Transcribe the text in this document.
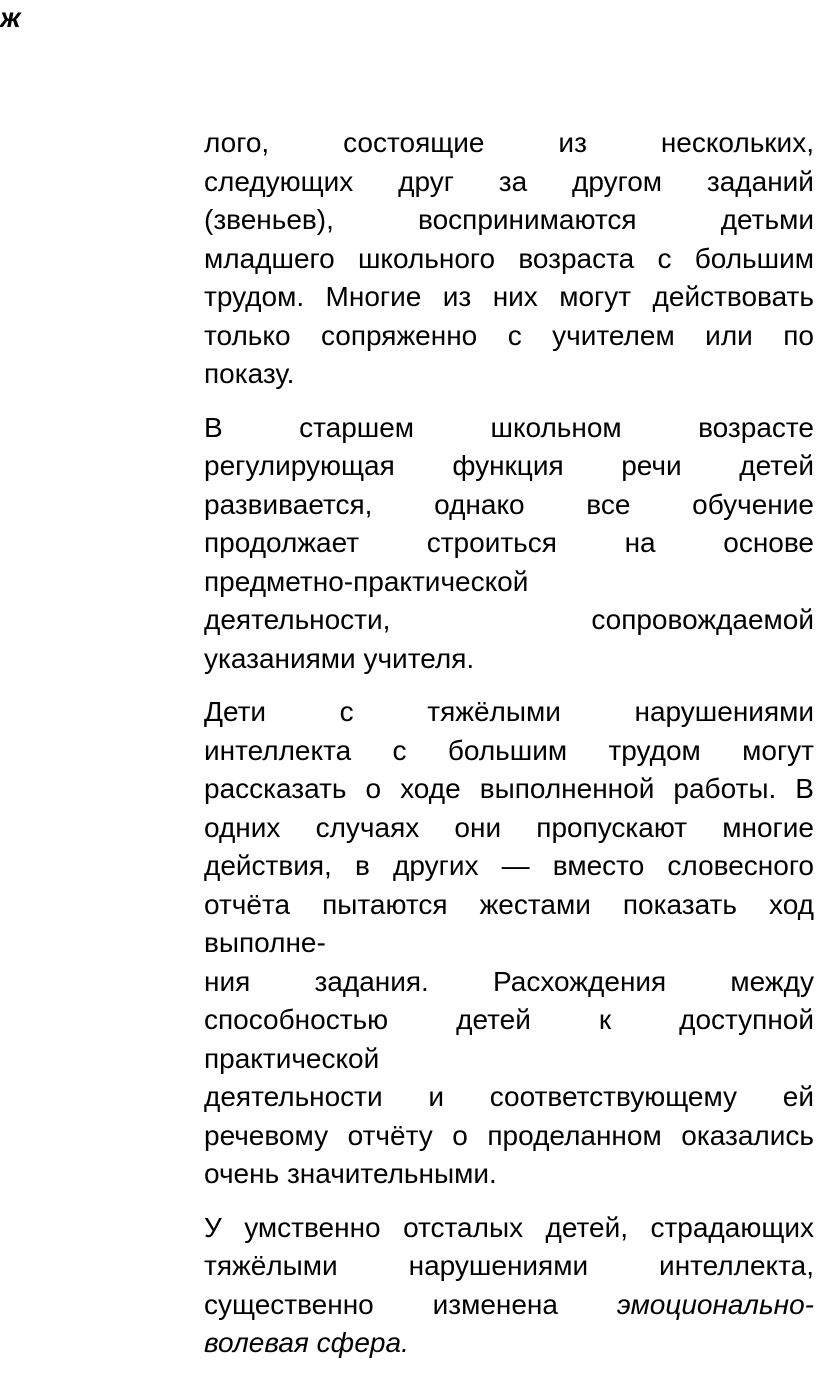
ж
лого,	состоящие	из	нескольких,
следующих друг за другом заданий
(звеньев),	воспринимаются	детьми
младшего школьного возраста с большим
трудом. Многие из них могут действовать
только сопряженно с учителем или по
показу.
В	старшем	школьном	возрасте
регулирующая функция речи детей
развивается, однако все обучение
продолжает строиться на основе
предметно-практической
деятельности,	сопровождаемой
указаниями учителя.
Дети	с	тяжёлыми	нарушениями
интеллекта с большим трудом могут
рассказать о ходе выполненной работы. В
одних случаях они пропускают многие
действия, в других — вместо словесного
отчёта пытаются жестами показать ход
выполне-
ния задания. Расхождения между
способностью детей к доступной
практической
деятельности и соответствующему ей
речевому отчёту о проделанном оказались
очень значительными.
У умственно отсталых детей, страдающих
тяжёлыми	нарушениями	интеллекта,
существенно изменена эмоционально-
волевая сфера.
